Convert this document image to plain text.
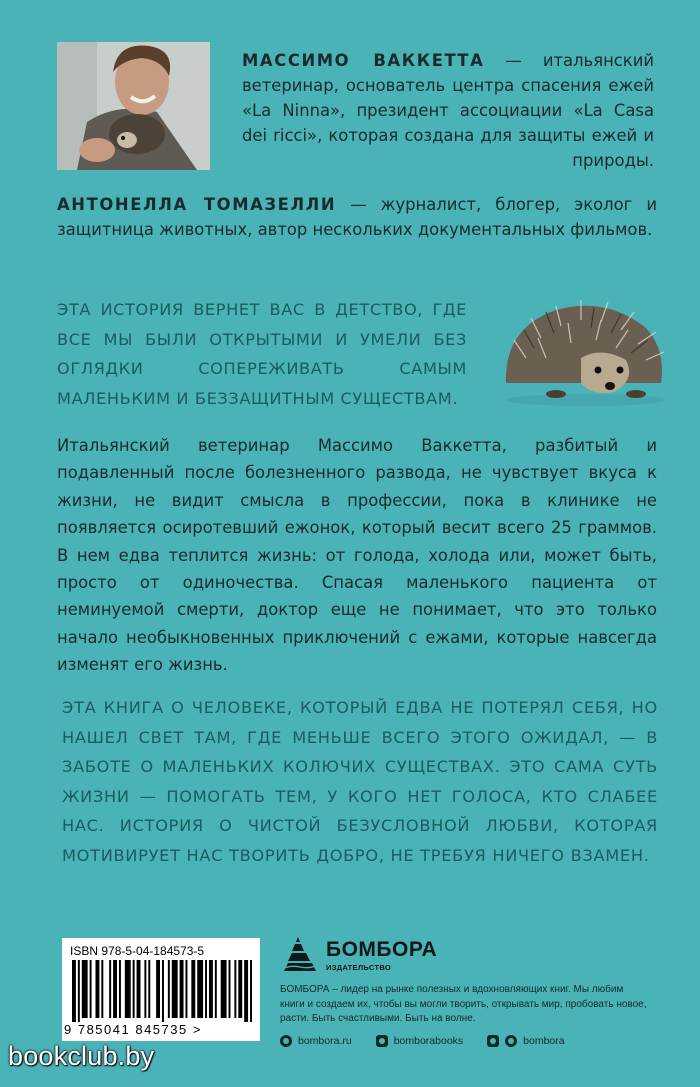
МАССИМО ВАККЕТТА — итальянский ветеринар, основатель центра спасения ежей «La Ninna», президент ассоциации «La Casa dei ricci», которая создана для защиты ежей и природы.
АНТОНЕЛЛА ТОМАЗЕЛЛИ — журналист, блогер, эколог и защитница животных, автор нескольких документальных фильмов.
ЭТА ИСТОРИЯ ВЕРНЕТ ВАС В ДЕТСТВО, ГДЕ ВСЕ МЫ БЫЛИ ОТКРЫТЫМИ И УМЕЛИ БЕЗ ОГЛЯДКИ СОПЕРЕЖИВАТЬ САМЫМ МАЛЕНЬКИМ И БЕЗЗАЩИТНЫМ СУЩЕСТВАМ.
Итальянский ветеринар Массимо Ваккетта, разбитый и подавленный после болезненного развода, не чувствует вкуса к жизни, не видит смысла в профессии, пока в клинике не появляется осиротевший ежонок, который весит всего 25 граммов. В нем едва теплится жизнь: от голода, холода или, может быть, просто от одиночества. Спасая маленького пациента от неминуемой смерти, доктор еще не понимает, что это только начало необыкновенных приключений с ежами, которые навсегда изменят его жизнь.
ЭТА КНИГА О ЧЕЛОВЕКЕ, КОТОРЫЙ ЕДВА НЕ ПОТЕРЯЛ СЕБЯ, НО НАШЕЛ СВЕТ ТАМ, ГДЕ МЕНЬШЕ ВСЕГО ЭТОГО ОЖИДАЛ, — В ЗАБОТЕ О МАЛЕНЬКИХ КОЛЮЧИХ СУЩЕСТВАХ. ЭТО САМА СУТЬ ЖИЗНИ — ПОМОГАТЬ ТЕМ, У КОГО НЕТ ГОЛОСА, КТО СЛАБЕЕ НАС. ИСТОРИЯ О ЧИСТОЙ БЕЗУСЛОВНОЙ ЛЮБВИ, КОТОРАЯ МОТИВИРУЕТ НАС ТВОРИТЬ ДОБРО, НЕ ТРЕБУЯ НИЧЕГО ВЗАМЕН.
ISBN 978-5-04-184573-5
9 785041 845735 >
БОМБОРА
ИЗДАТЕЛЬСТВО
БОМБОРА – лидер на рынке полезных и вдохновляющих книг. Мы любим книги и создаем их, чтобы вы могли творить, открывать мир, пробовать новое, расти. Быть счастливыми. Быть на волне.
bombora.ru	bomborabooks	bombora
bookclub.by
